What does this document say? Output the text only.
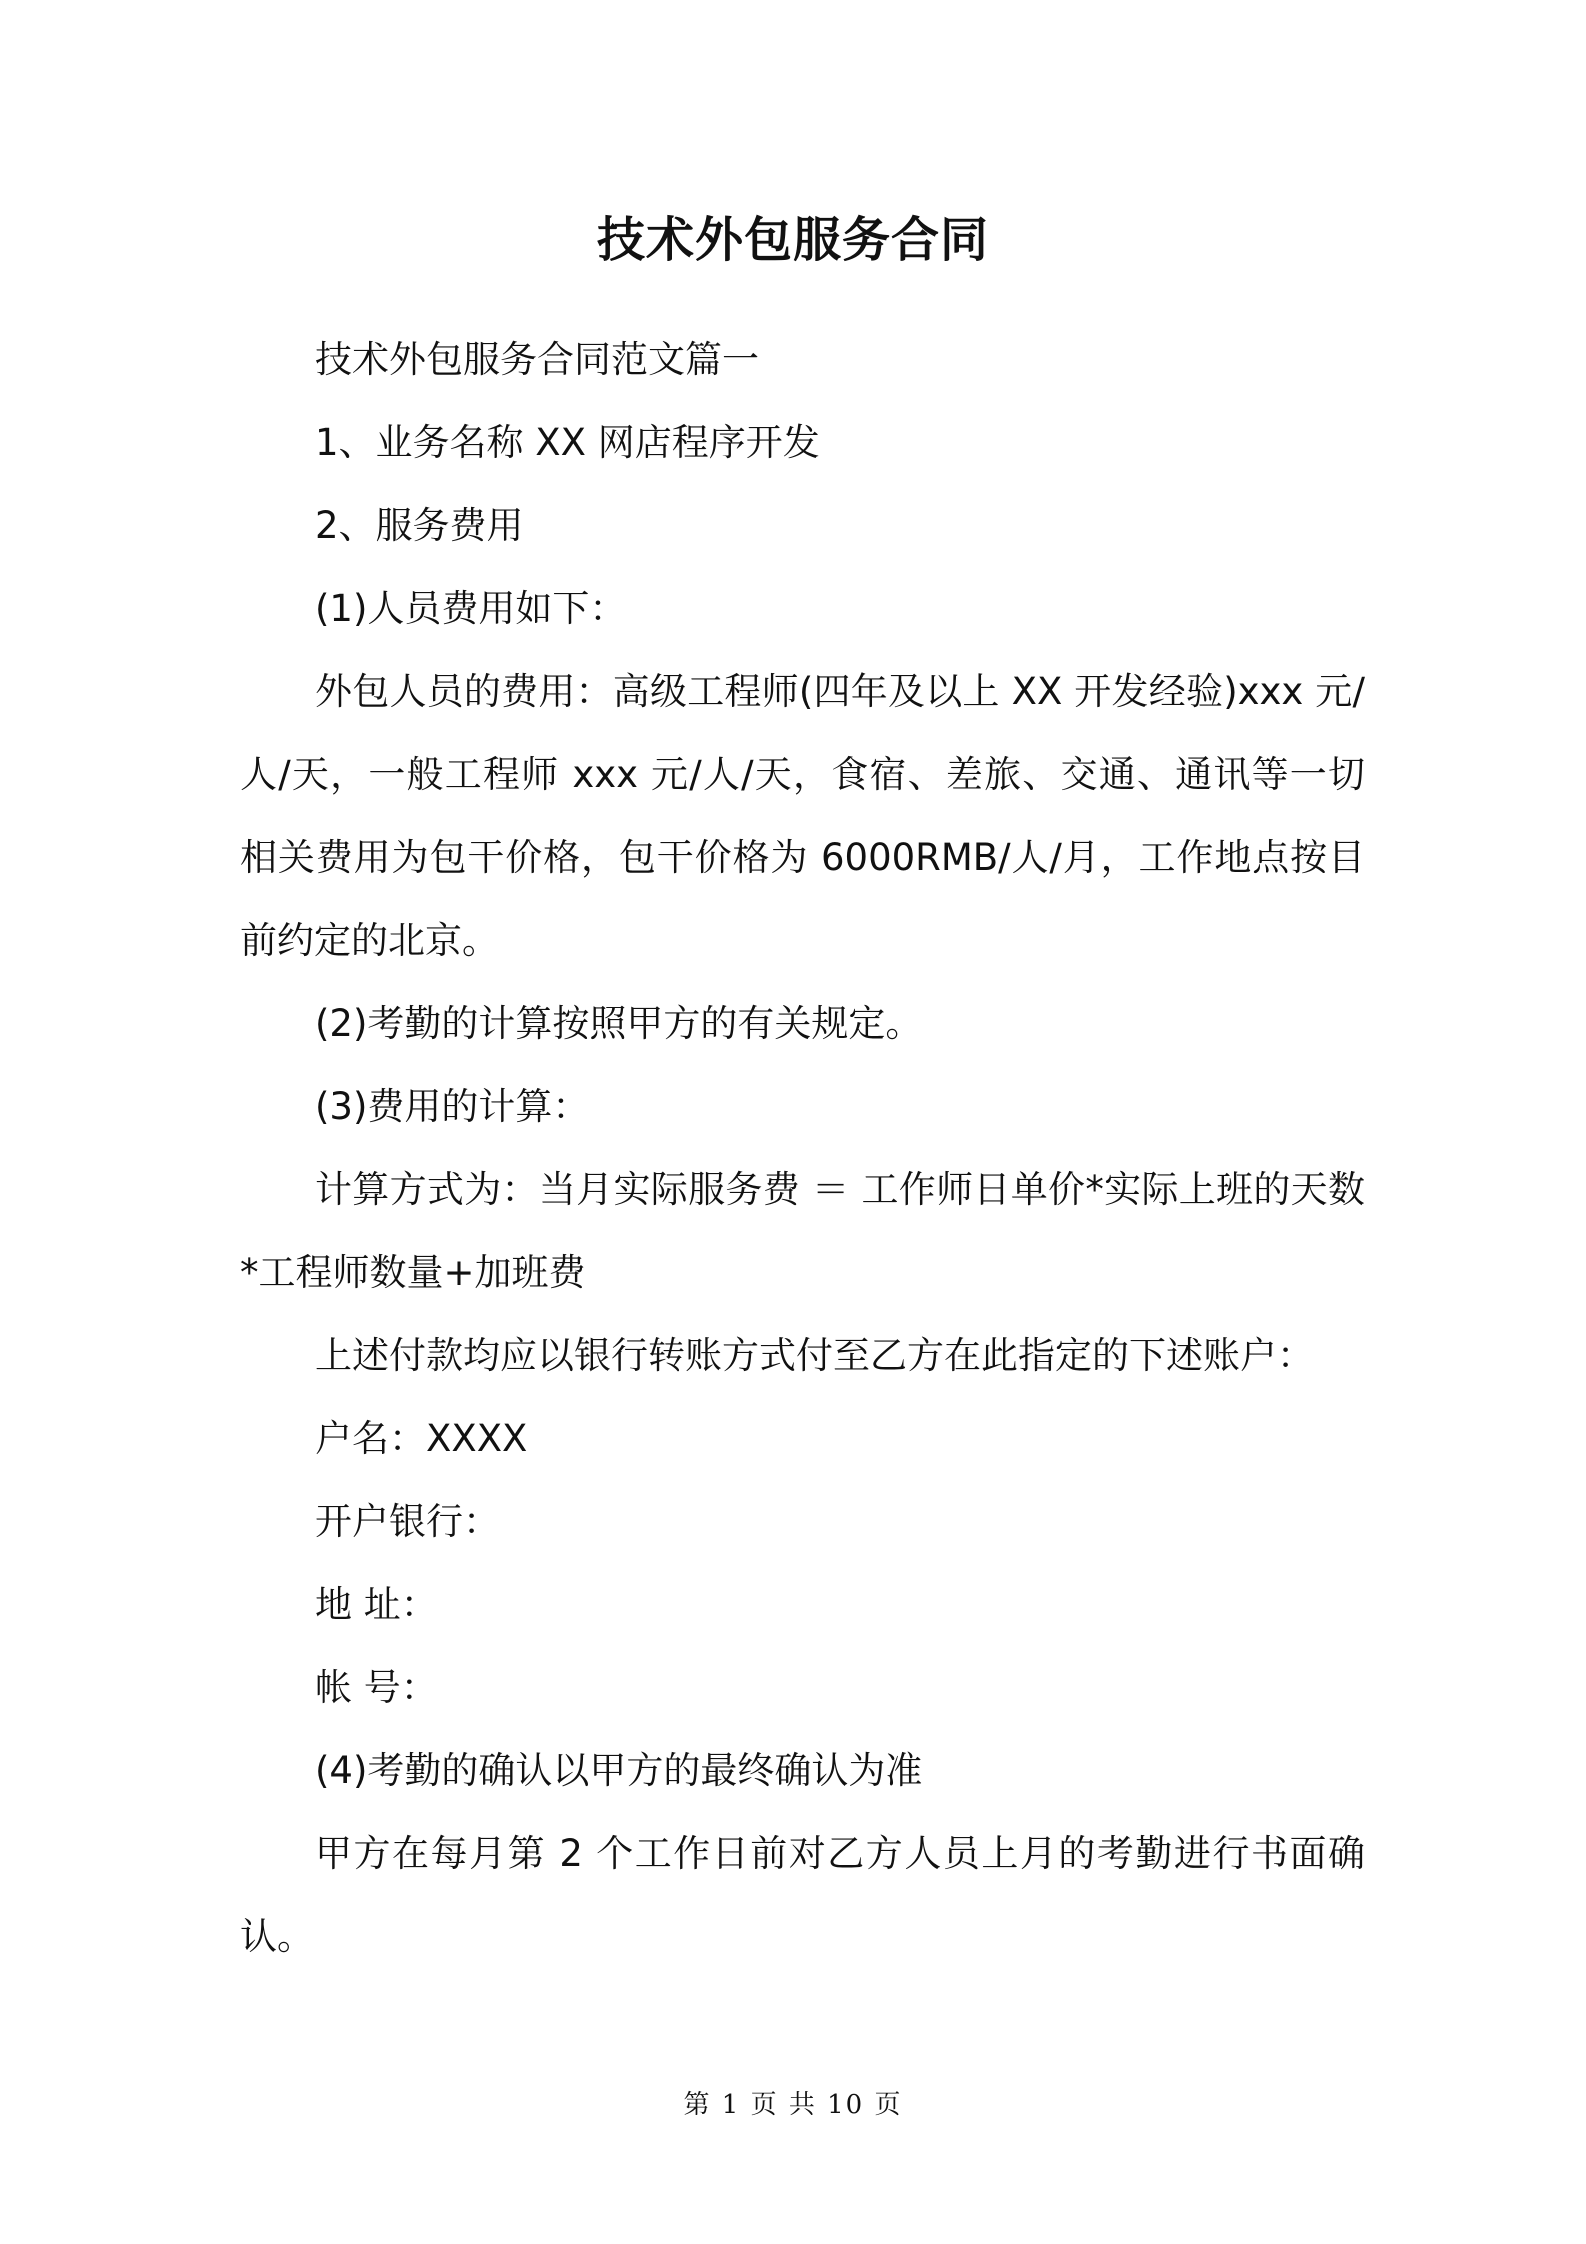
技术外包服务合同

技术外包服务合同范文篇一

1、业务名称 XX 网店程序开发

2、服务费用

(1)人员费用如下：

外包人员的费用：高级工程师(四年及以上 XX 开发经验)xxx 元/人/天，一般工程师 xxx 元/人/天，食宿、差旅、交通、通讯等一切相关费用为包干价格，包干价格为 6000RMB/人/月，工作地点按目前约定的北京。

(2)考勤的计算按照甲方的有关规定。

(3)费用的计算：

计算方式为：当月实际服务费 ＝ 工作师日单价*实际上班的天数*工程师数量+加班费

上述付款均应以银行转账方式付至乙方在此指定的下述账户：

户名：XXXX

开户银行：

地 址：

帐 号：

(4)考勤的确认以甲方的最终确认为准

甲方在每月第 2 个工作日前对乙方人员上月的考勤进行书面确认。

第 1 页 共 10 页
